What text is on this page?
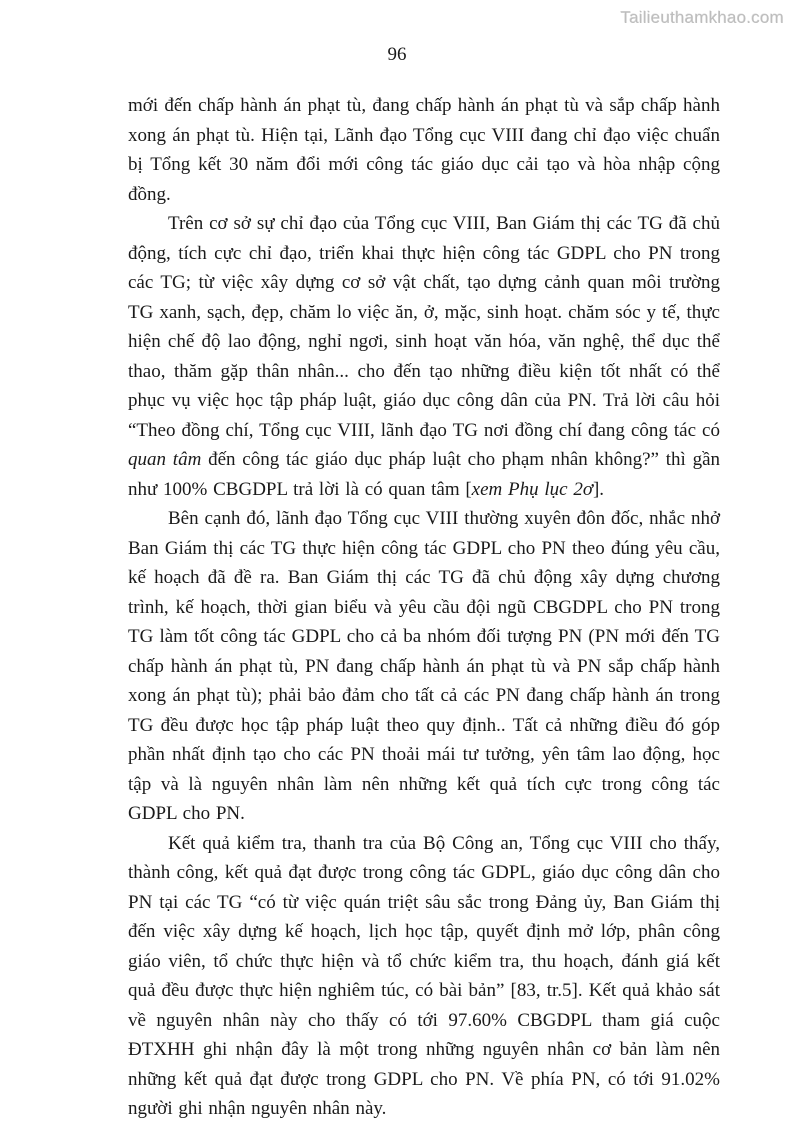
Tailieuthamkhao.com
96

mới đến chấp hành án phạt tù, đang chấp hành án phạt tù và sắp chấp hành xong án phạt tù. Hiện tại, Lãnh đạo Tổng cục VIII đang chỉ đạo việc chuẩn bị Tổng kết 30 năm đổi mới công tác giáo dục cải tạo và hòa nhập cộng đồng.

Trên cơ sở sự chỉ đạo của Tổng cục VIII, Ban Giám thị các TG đã chủ động, tích cực chỉ đạo, triển khai thực hiện công tác GDPL cho PN trong các TG; từ việc xây dựng cơ sở vật chất, tạo dựng cảnh quan môi trường TG xanh, sạch, đẹp, chăm lo việc ăn, ở, mặc, sinh hoạt. chăm sóc y tế, thực hiện chế độ lao động, nghỉ ngơi, sinh hoạt văn hóa, văn nghệ, thể dục thể thao, thăm gặp thân nhân... cho đến tạo những điều kiện tốt nhất có thể phục vụ việc học tập pháp luật, giáo dục công dân của PN. Trả lời câu hỏi “Theo đồng chí, Tổng cục VIII, lãnh đạo TG nơi đồng chí đang công tác có quan tâm đến công tác giáo dục pháp luật cho phạm nhân không?” thì gần như 100% CBGDPL trả lời là có quan tâm [xem Phụ lục 2ơ].

Bên cạnh đó, lãnh đạo Tổng cục VIII thường xuyên đôn đốc, nhắc nhở Ban Giám thị các TG thực hiện công tác GDPL cho PN theo đúng yêu cầu, kế hoạch đã đề ra. Ban Giám thị các TG đã chủ động xây dựng chương trình, kế hoạch, thời gian biểu và yêu cầu đội ngũ CBGDPL cho PN trong TG làm tốt công tác GDPL cho cả ba nhóm đối tượng PN (PN mới đến TG chấp hành án phạt tù, PN đang chấp hành án phạt tù và PN sắp chấp hành xong án phạt tù); phải bảo đảm cho tất cả các PN đang chấp hành án trong TG đều được học tập pháp luật theo quy định.. Tất cả những điều đó góp phần nhất định tạo cho các PN thoải mái tư tưởng, yên tâm lao động, học tập và là nguyên nhân làm nên những kết quả tích cực trong công tác GDPL cho PN.

Kết quả kiểm tra, thanh tra của Bộ Công an, Tổng cục VIII cho thấy, thành công, kết quả đạt được trong công tác GDPL, giáo dục công dân cho PN tại các TG “có từ việc quán triệt sâu sắc trong Đảng ủy, Ban Giám thị đến việc xây dựng kế hoạch, lịch học tập, quyết định mở lớp, phân công giáo viên, tổ chức thực hiện và tổ chức kiểm tra, thu hoạch, đánh giá kết quả đều được thực hiện nghiêm túc, có bài bản” [83, tr.5]. Kết quả khảo sát về nguyên nhân này cho thấy có tới 97.60% CBGDPL tham giá cuộc ĐTXHH ghi nhận đây là một trong những nguyên nhân cơ bản làm nên những kết quả đạt được trong GDPL cho PN. Về phía PN, có tới 91.02% người ghi nhận nguyên nhân này.
